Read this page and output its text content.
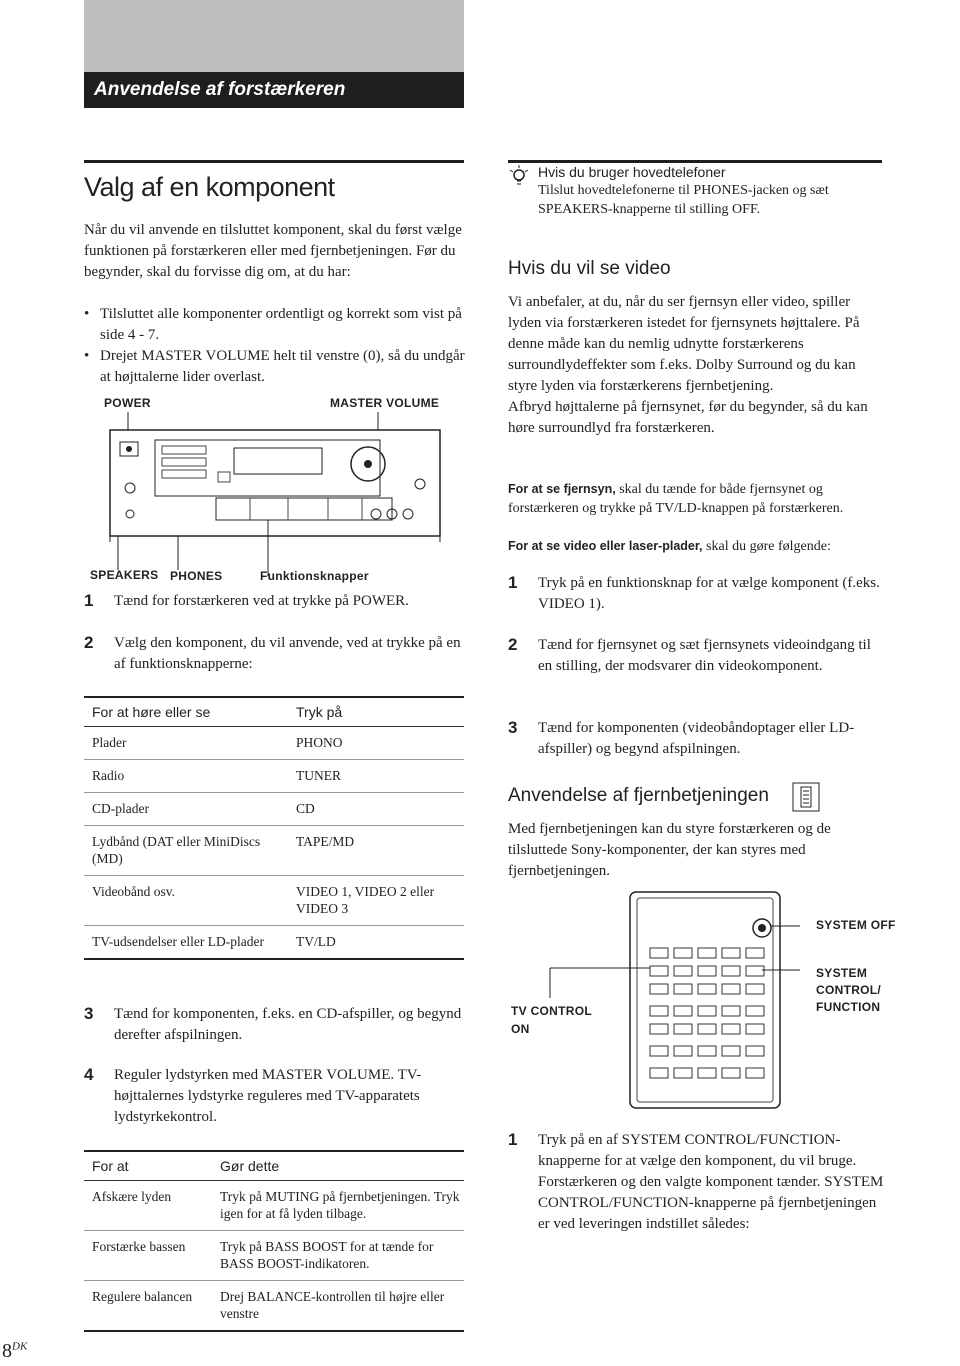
Anvendelse af forstærkeren
Valg af en komponent
Når du vil anvende en tilsluttet komponent, skal du først vælge funktionen på forstærkeren eller med fjernbetjeningen. Før du begynder, skal du forvisse dig om, at du har:
• Tilsluttet alle komponenter ordentligt og korrekt som vist på side 4 - 7.
• Drejet MASTER VOLUME helt til venstre (0), så du undgår at højttalerne lider overlast.
POWER	MASTER VOLUME
SPEAKERS PHONES	Funktionsknapper
1 Tænd for forstærkeren ved at trykke på POWER.
2 Vælg den komponent, du vil anvende, ved at trykke på en af funktionsknapperne:
For at høre eller se	Tryk på
Plader	PHONO
Radio	TUNER
CD-plader	CD
Lydbånd (DAT eller MiniDiscs (MD)	TAPE/MD
Videobånd osv.	VIDEO 1, VIDEO 2 eller VIDEO 3
TV-udsendelser eller LD-plader	TV/LD
3 Tænd for komponenten, f.eks. en CD-afspiller, og begynd derefter afspilningen.
4 Reguler lydstyrken med MASTER VOLUME. TV-højttalernes lydstyrke reguleres med TV-apparatets lydstyrkekontrol.
For at	Gør dette
Afskære lyden	Tryk på MUTING på fjernbetjeningen. Tryk igen for at få lyden tilbage.
Forstærke bassen	Tryk på BASS BOOST for at tænde for BASS BOOST-indikatoren.
Regulere balancen	Drej BALANCE-kontrollen til højre eller venstre
Hvis du bruger hovedtelefoner
Tilslut hovedtelefonerne til PHONES-jacken og sæt SPEAKERS-knapperne til stilling OFF.
Hvis du vil se video
Vi anbefaler, at du, når du ser fjernsyn eller video, spiller lyden via forstærkeren istedet for fjernsynets højttalere. På denne måde kan du nemlig udnytte forstærkerens surroundlydeffekter som f.eks. Dolby Surround og du kan styre lyden via forstærkerens fjernbetjening.
Afbryd højttalerne på fjernsynet, før du begynder, så du kan høre surroundlyd fra forstærkeren.
For at se fjernsyn, skal du tænde for både fjernsynet og forstærkeren og trykke på TV/LD-knappen på forstærkeren.
For at se video eller laser-plader, skal du gøre følgende:
1 Tryk på en funktionsknap for at vælge komponent (f.eks. VIDEO 1).
2 Tænd for fjernsynet og sæt fjernsynets videoindgang til en stilling, der modsvarer din videokomponent.
3 Tænd for komponenten (videobåndoptager eller LD-afspiller) og begynd afspilningen.
Anvendelse af fjernbetjeningen
Med fjernbetjeningen kan du styre forstærkeren og de tilsluttede Sony-komponenter, der kan styres med fjernbetjeningen.
SYSTEM OFF
SYSTEM CONTROL/ FUNCTION
TV CONTROL ON
1 Tryk på en af SYSTEM CONTROL/FUNCTION-knapperne for at vælge den komponent, du vil bruge.
Forstærkeren og den valgte komponent tænder. SYSTEM CONTROL/FUNCTION-knapperne på fjernbetjeningen er ved leveringen indstillet således:
$8^{DK}$
